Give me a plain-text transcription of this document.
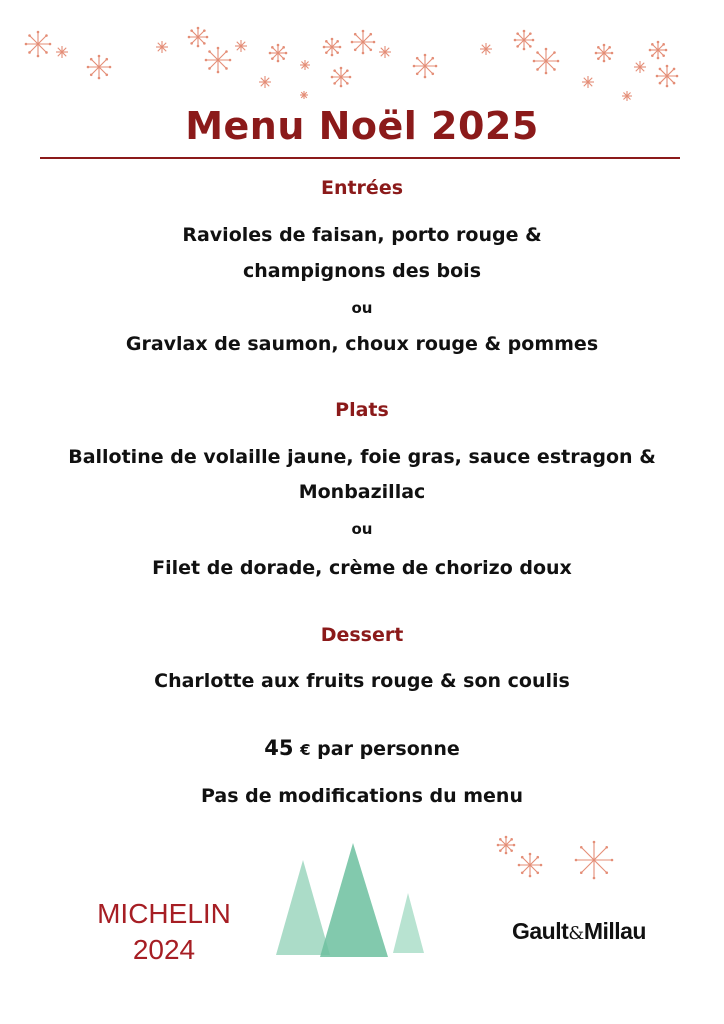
Menu Noël 2025
Entrées
Ravioles de faisan, porto rouge &
champignons des bois
ou
Gravlax de saumon, choux rouge & pommes
Plats
Ballotine de volaille jaune, foie gras, sauce estragon &
Monbazillac
ou
Filet de dorade, crème de chorizo doux
Dessert
Charlotte aux fruits rouge & son coulis
45 € par personne
Pas de modifications du menu
MICHELIN
2024
Gault&Millau
